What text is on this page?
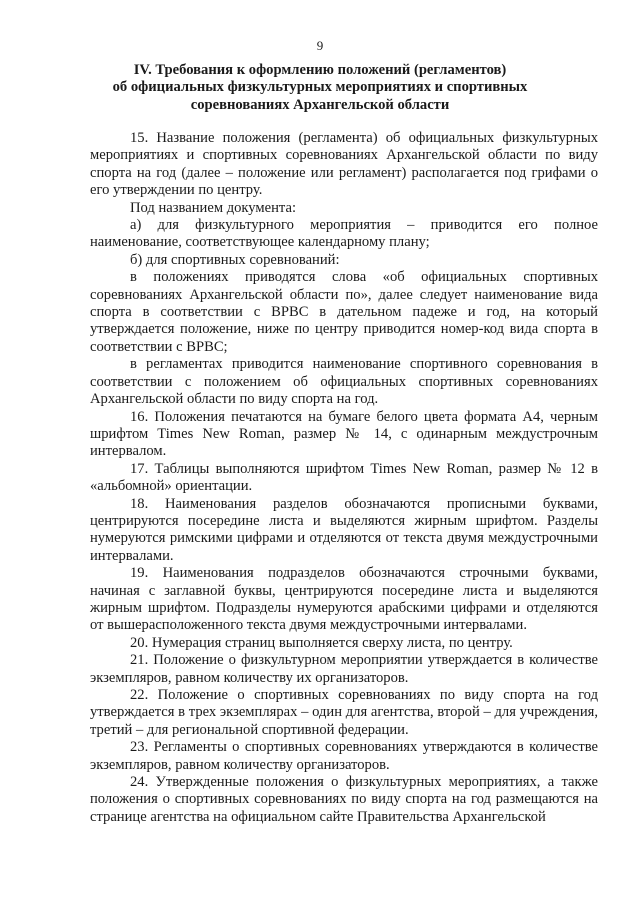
9
IV. Требования к оформлению положений (регламентов)
об официальных физкультурных мероприятиях и спортивных
соревнованиях Архангельской области

15. Название положения (регламента) об официальных физкультурных мероприятиях и спортивных соревнованиях Архангельской области по виду спорта на год (далее – положение или регламент) располагается под грифами о его утверждении по центру.

Под названием документа:

а) для физкультурного мероприятия – приводится его полное наименование, соответствующее календарному плану;

б) для спортивных соревнований:

в положениях приводятся слова «об официальных спортивных соревнованиях Архангельской области по», далее следует наименование вида спорта в соответствии с ВРВС в дательном падеже и год, на который утверждается положение, ниже по центру приводится номер-код вида спорта в соответствии с ВРВС;

в регламентах приводится наименование спортивного соревнования в соответствии с положением об официальных спортивных соревнованиях Архангельской области по виду спорта на год.

16. Положения печатаются на бумаге белого цвета формата А4, черным шрифтом Times New Roman, размер № 14, с одинарным междустрочным интервалом.

17. Таблицы выполняются шрифтом Times New Roman, размер № 12 в «альбомной» ориентации.

18. Наименования разделов обозначаются прописными буквами, центрируются посередине листа и выделяются жирным шрифтом. Разделы нумеруются римскими цифрами и отделяются от текста двумя междустрочными интервалами.

19. Наименования подразделов обозначаются строчными буквами, начиная с заглавной буквы, центрируются посередине листа и выделяются жирным шрифтом. Подразделы нумеруются арабскими цифрами и отделяются от вышерасположенного текста двумя междустрочными интервалами.

20. Нумерация страниц выполняется сверху листа, по центру.

21. Положение о физкультурном мероприятии утверждается в количестве экземпляров, равном количеству их организаторов.

22. Положение о спортивных соревнованиях по виду спорта на год утверждается в трех экземплярах – один для агентства, второй – для учреждения, третий – для региональной спортивной федерации.

23. Регламенты о спортивных соревнованиях утверждаются в количестве экземпляров, равном количеству организаторов.

24. Утвержденные положения о физкультурных мероприятиях, а также положения о спортивных соревнованиях по виду спорта на год размещаются на странице агентства на официальном сайте Правительства Архангельской
